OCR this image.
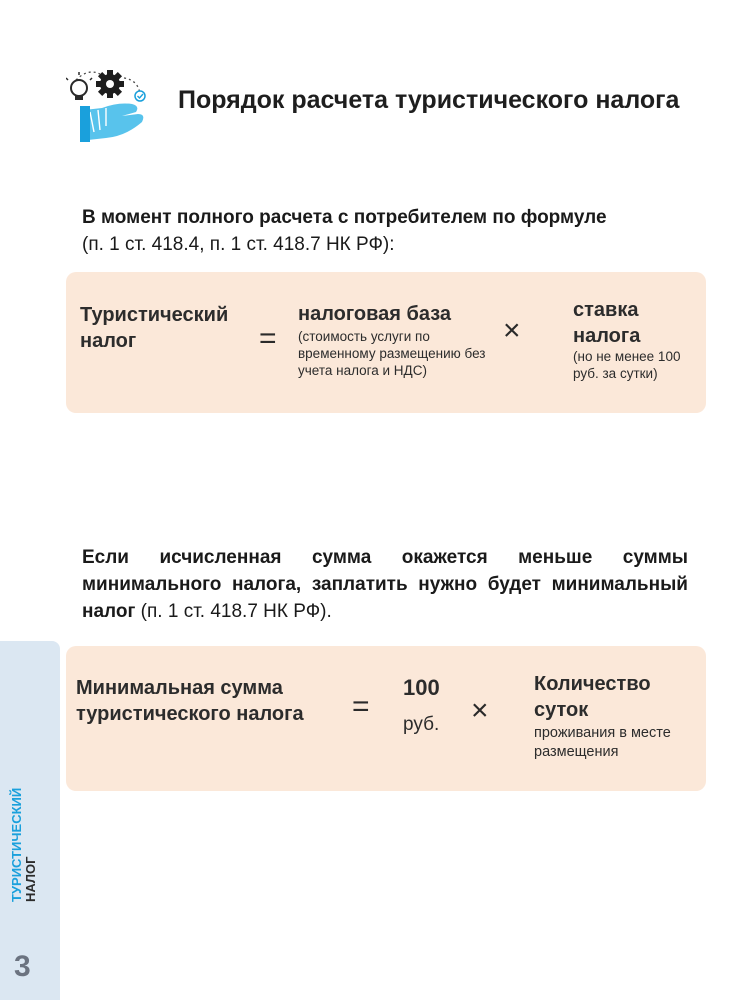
Порядок расчета туристического налога
В момент полного расчета с потребителем по формуле
(п. 1 ст. 418.4, п. 1 ст. 418.7 НК РФ):
Туристический
налог	=
налоговая база
(стоимость услуги по временному размещению без учета налога и НДС)
×
ставка налога
(но не менее 100 руб. за сутки)
Если исчисленная сумма окажется меньше суммы минимального налога, заплатить нужно будет минимальный налог (п. 1 ст. 418.7 НК РФ).
Минимальная сумма
туристического налога	=
100
руб. ×
Количество суток
проживания в месте размещения
ТУРИСТИЧЕСКИЙ НАЛОГ
3
